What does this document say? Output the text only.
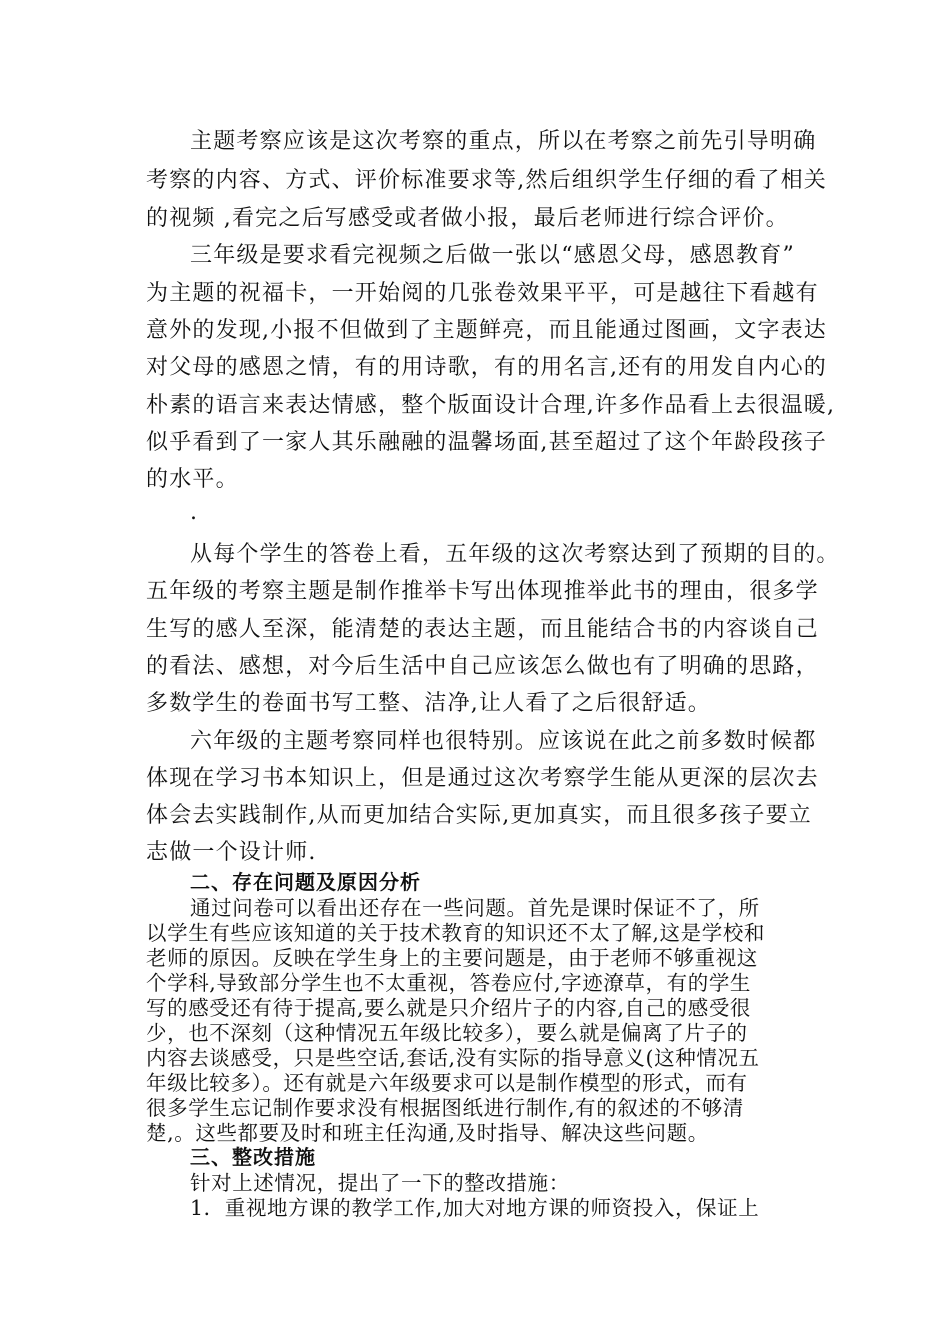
主题考察应该是这次考察的重点，所以在考察之前先引导明确
考察的内容、方式、评价标准要求等,然后组织学生仔细的看了相关
的视频 ,看完之后写感受或者做小报，最后老师进行综合评价。
三年级是要求看完视频之后做一张以“感恩父母，感恩教育”
为主题的祝福卡，一开始阅的几张卷效果平平，可是越往下看越有
意外的发现,小报不但做到了主题鲜亮，而且能通过图画，文字表达
对父母的感恩之情，有的用诗歌，有的用名言,还有的用发自内心的
朴素的语言来表达情感，整个版面设计合理,许多作品看上去很温暖,
似乎看到了一家人其乐融融的温馨场面,甚至超过了这个年龄段孩子
的水平。
.
从每个学生的答卷上看，五年级的这次考察达到了预期的目的。
五年级的考察主题是制作推举卡写出体现推举此书的理由，很多学
生写的感人至深，能清楚的表达主题，而且能结合书的内容谈自己
的看法、感想，对今后生活中自己应该怎么做也有了明确的思路，
多数学生的卷面书写工整、洁净,让人看了之后很舒适。
六年级的主题考察同样也很特别。应该说在此之前多数时候都
体现在学习书本知识上，但是通过这次考察学生能从更深的层次去
体会去实践制作,从而更加结合实际,更加真实，而且很多孩子要立
志做一个设计师.
二、存在问题及原因分析
通过问卷可以看出还存在一些问题。首先是课时保证不了，所
以学生有些应该知道的关于技术教育的知识还不太了解,这是学校和
老师的原因。反映在学生身上的主要问题是，由于老师不够重视这
个学科,导致部分学生也不太重视，答卷应付,字迹潦草，有的学生
写的感受还有待于提高,要么就是只介绍片子的内容,自己的感受很
少，也不深刻（这种情况五年级比较多），要么就是偏离了片子的
内容去谈感受，只是些空话,套话,没有实际的指导意义(这种情况五
年级比较多）。还有就是六年级要求可以是制作模型的形式，而有
很多学生忘记制作要求没有根据图纸进行制作,有的叙述的不够清
楚,。这些都要及时和班主任沟通,及时指导、解决这些问题。
三、整改措施
针对上述情况，提出了一下的整改措施：
1．重视地方课的教学工作,加大对地方课的师资投入，保证上
